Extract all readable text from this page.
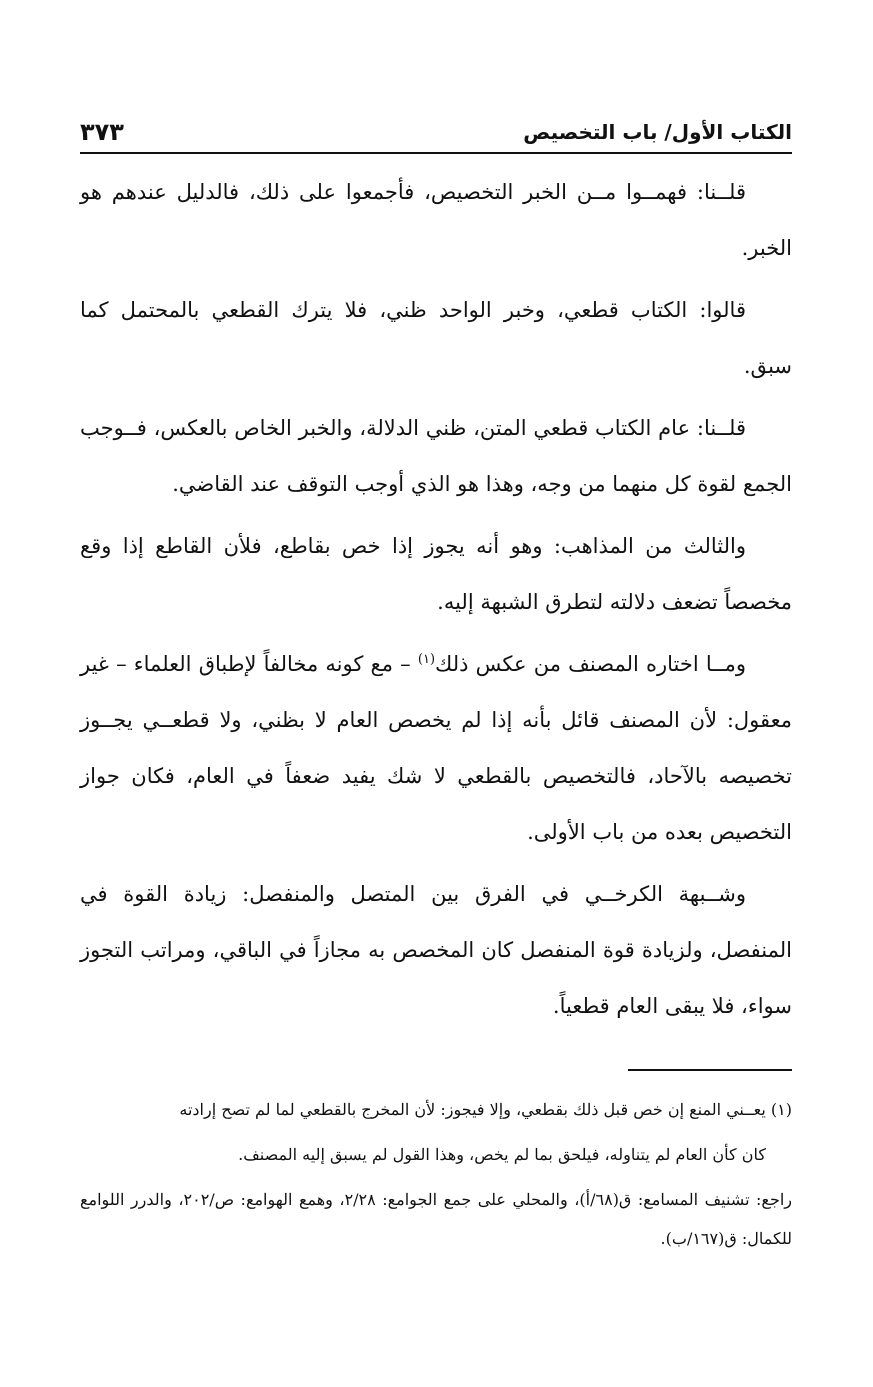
الكتاب الأول/ باب التخصيص
٣٧٣

قلــنا: فهمــوا مــن الخبر التخصيص، فأجمعوا على ذلك، فالدليل عندهم هو الخبر.

قالوا: الكتاب قطعي، وخبر الواحد ظني، فلا يترك القطعي بالمحتمل كما سبق.

قلــنا: عام الكتاب قطعي المتن، ظني الدلالة، والخبر الخاص بالعكس، فــوجب الجمع لقوة كل منهما من وجه، وهذا هو الذي أوجب التوقف عند القاضي.

والثالث من المذاهب: وهو أنه يجوز إذا خص بقاطع، فلأن القاطع إذا وقع مخصصاً تضعف دلالته لتطرق الشبهة إليه.

ومــا اختاره المصنف من عكس ذلك$^{(١)}$ – مع كونه مخالفاً لإطباق العلماء – غير معقول: لأن المصنف قائل بأنه إذا لم يخصص العام لا بظني، ولا قطعــي يجــوز تخصيصه بالآحاد، فالتخصيص بالقطعي لا شك يفيد ضعفاً في العام، فكان جواز التخصيص بعده من باب الأولى.

وشــبهة الكرخــي في الفرق بين المتصل والمنفصل: زيادة القوة في المنفصل، ولزيادة قوة المنفصل كان المخصص به مجازاً في الباقي، ومراتب التجوز سواء، فلا يبقى العام قطعياً.

(١) يعــني المنع إن خص قبل ذلك بقطعي، وإلا فيجوز: لأن المخرج بالقطعي لما لم تصح إرادته

كان كأن العام لم يتناوله، فيلحق بما لم يخص، وهذا القول لم يسبق إليه المصنف.

راجع: تشنيف المسامع: ق(٦٨/أ)، والمحلي على جمع الجوامع: ٢/٢٨، وهمع الهوامع: ص/٢٠٢، والدرر اللوامع للكمال: ق(١٦٧/ب).
